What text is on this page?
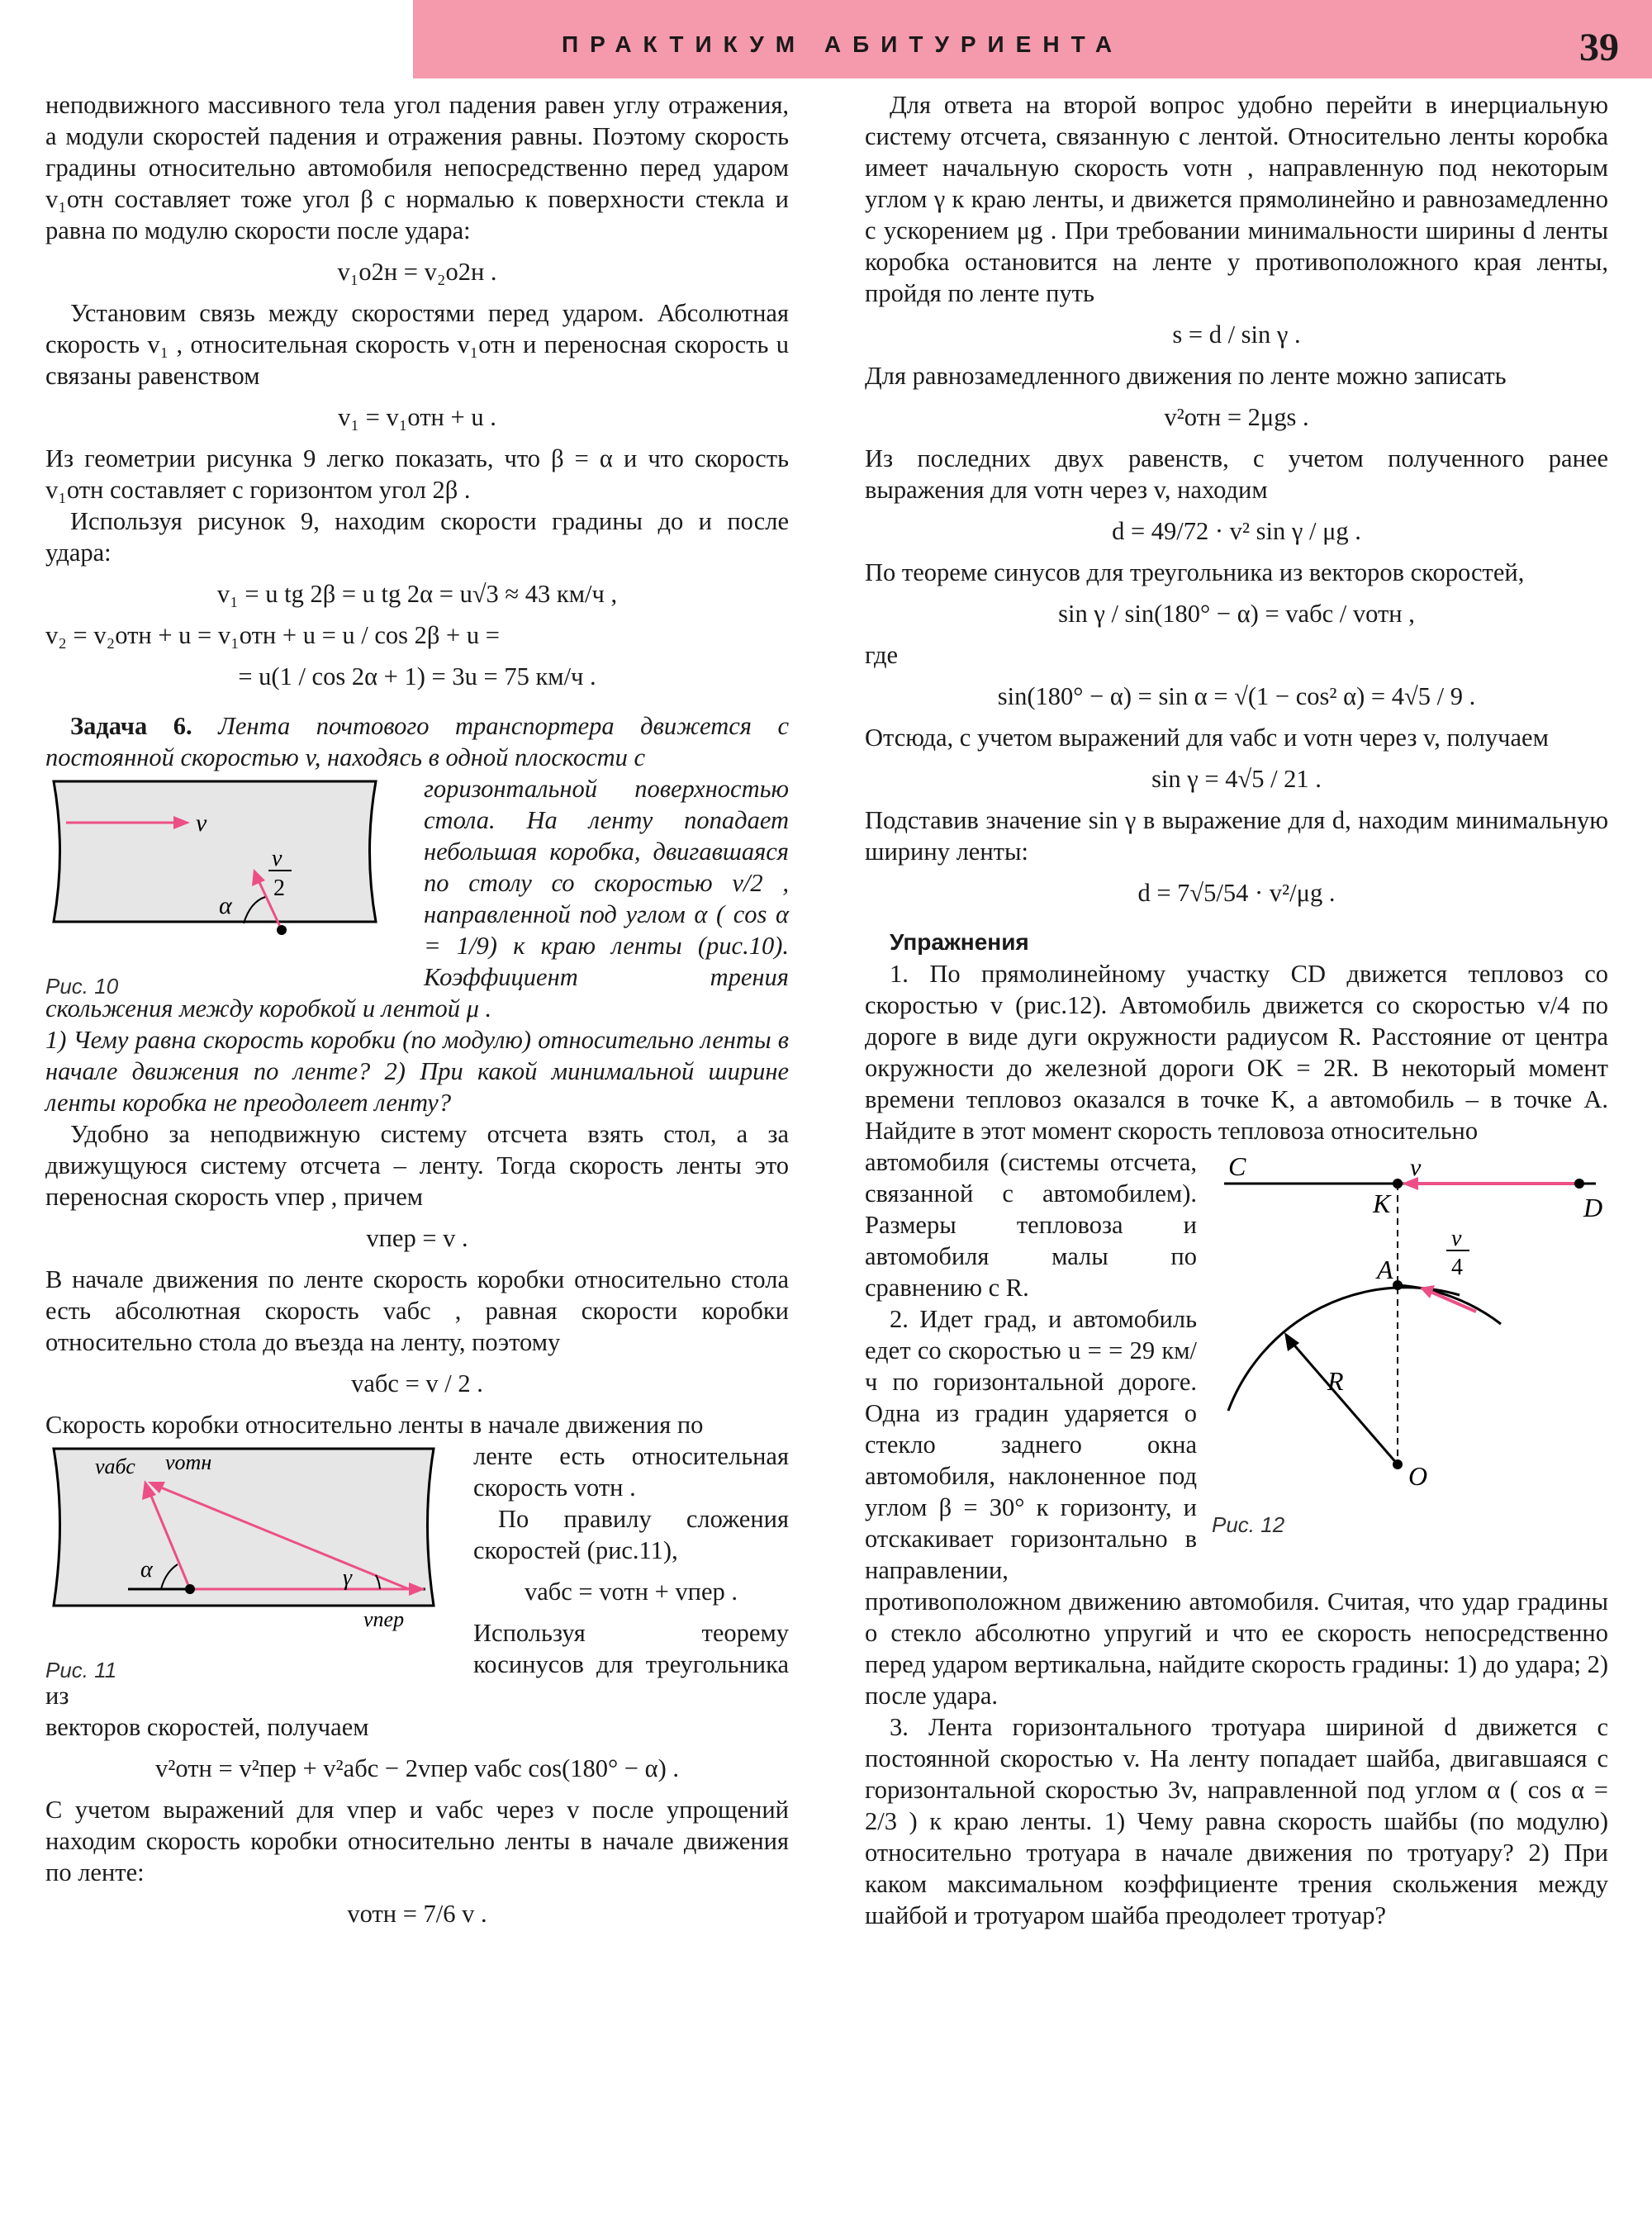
ПРАКТИКУМ АБИТУРИЕНТА	39

неподвижного массивного тела угол падения равен углу отражения, а модули скоростей падения и отражения равны. Поэтому скорость градины относительно автомобиля непосредственно перед ударом v₁отн составляет тоже угол β с нормалью к поверхности стекла и равна по модулю скорости после удара:

v₁о2н = v₂о2н .

Установим связь между скоростями перед ударом. Абсолютная скорость v₁ , относительная скорость v₁отн и переносная скорость u связаны равенством

v₁ = v₁отн + u .

Из геометрии рисунка 9 легко показать, что β = α и что скорость v₁отн составляет с горизонтом угол 2β .

Используя рисунок 9, находим скорости градины до и после удара:

v₁ = u tg 2β = u tg 2α = u√3 ≈ 43 км/ч ,
v₂ = v₂отн + u = v₁отн + u = u / cos 2β + u =
= u(1 / cos 2α + 1) = 3u = 75 км/ч .

Задача 6. Лента почтового транспортера движется с постоянной скоростью v, находясь в одной плоскости с

v
α
v
2
Рис. 10

горизонтальной поверхностью стола. На ленту попадает небольшая коробка, двигавшаяся по столу со скоростью v/2 , направленной под углом α ( cos α = 1/9) к краю ленты (рис.10). Коэффициент трения скольжения между коробкой и лентой μ .

1) Чему равна скорость коробки (по модулю) относительно ленты в начале движения по ленте? 2) При какой минимальной ширине ленты коробка не преодолеет ленту?

Удобно за неподвижную систему отсчета взять стол, а за движущуюся систему отсчета – ленту. Тогда скорость ленты это переносная скорость vпер , причем

vпер = v .

В начале движения по ленте скорость коробки относительно стола есть абсолютная скорость vабс , равная скорости коробки относительно стола до въезда на ленту, поэтому

vабс = v / 2 .

Скорость коробки относительно ленты в начале движения по

α	γ
vабс vотн
vпер
Рис. 11

ленте есть относительная скорость vотн .

По правилу сложения скоростей (рис.11),

vабс = vотн + vпер .

Используя теорему косинусов для треугольника из

векторов скоростей, получаем

v²отн = v²пер + v²абс − 2vпер vабс cos(180° − α) .

С учетом выражений для vпер и vабс через v после упрощений находим скорость коробки относительно ленты в начале движения по ленте:

vотн = 7/6 v .

Для ответа на второй вопрос удобно перейти в инерциальную систему отсчета, связанную с лентой. Относительно ленты коробка имеет начальную скорость vотн , направленную под некоторым углом γ к краю ленты, и движется прямолинейно и равнозамедленно с ускорением μg . При требовании минимальности ширины d ленты коробка остановится на ленте у противоположного края ленты, пройдя по ленте путь

s = d / sin γ .

Для равнозамедленного движения по ленте можно записать

v²отн = 2μgs .

Из последних двух равенств, с учетом полученного ранее выражения для vотн через v, находим

d = 49/72 · v² sin γ / μg .

По теореме синусов для треугольника из векторов скоростей,

sin γ / sin(180° − α) = vабс / vотн ,

где

sin(180° − α) = sin α = √(1 − cos² α) = 4√5 / 9 .

Отсюда, с учетом выражений для vабс и vотн через v, получаем

sin γ = 4√5 / 21 .

Подставив значение sin γ в выражение для d, находим минимальную ширину ленты:

d = 7√5/54 · v²/μg .

Упражнения

1. По прямолинейному участку CD движется тепловоз со скоростью v (рис.12). Автомобиль движется со скоростью v/4 по дороге в виде дуги окружности радиусом R. Расстояние от центра окружности до железной дороги OK = 2R. В некоторый момент времени тепловоз оказался в точке K, а автомобиль – в точке A. Найдите в этот момент скорость тепловоза относительно

C
D
K
v
A
v
4
R
O
Рис. 12

автомобиля (системы отсчета, связанной с автомобилем). Размеры тепловоза и автомобиля малы по сравнению с R.

2. Идет град, и автомобиль едет со скоростью u = = 29 км/ч по горизонтальной дороге. Одна из градин ударяется о стекло заднего окна автомобиля, наклоненное под углом β = 30° к горизонту, и отскакивает горизонтально в направлении,

противоположном движению автомобиля. Считая, что удар градины о стекло абсолютно упругий и что ее скорость непосредственно перед ударом вертикальна, найдите скорость градины: 1) до удара; 2) после удара.

3. Лента горизонтального тротуара шириной d движется с постоянной скоростью v. На ленту попадает шайба, двигавшаяся с горизонтальной скоростью 3v, направленной под углом α ( cos α = 2/3 ) к краю ленты. 1) Чему равна скорость шайбы (по модулю) относительно тротуара в начале движения по тротуару? 2) При каком максимальном коэффициенте трения скольжения между шайбой и тротуаром шайба преодолеет тротуар?
